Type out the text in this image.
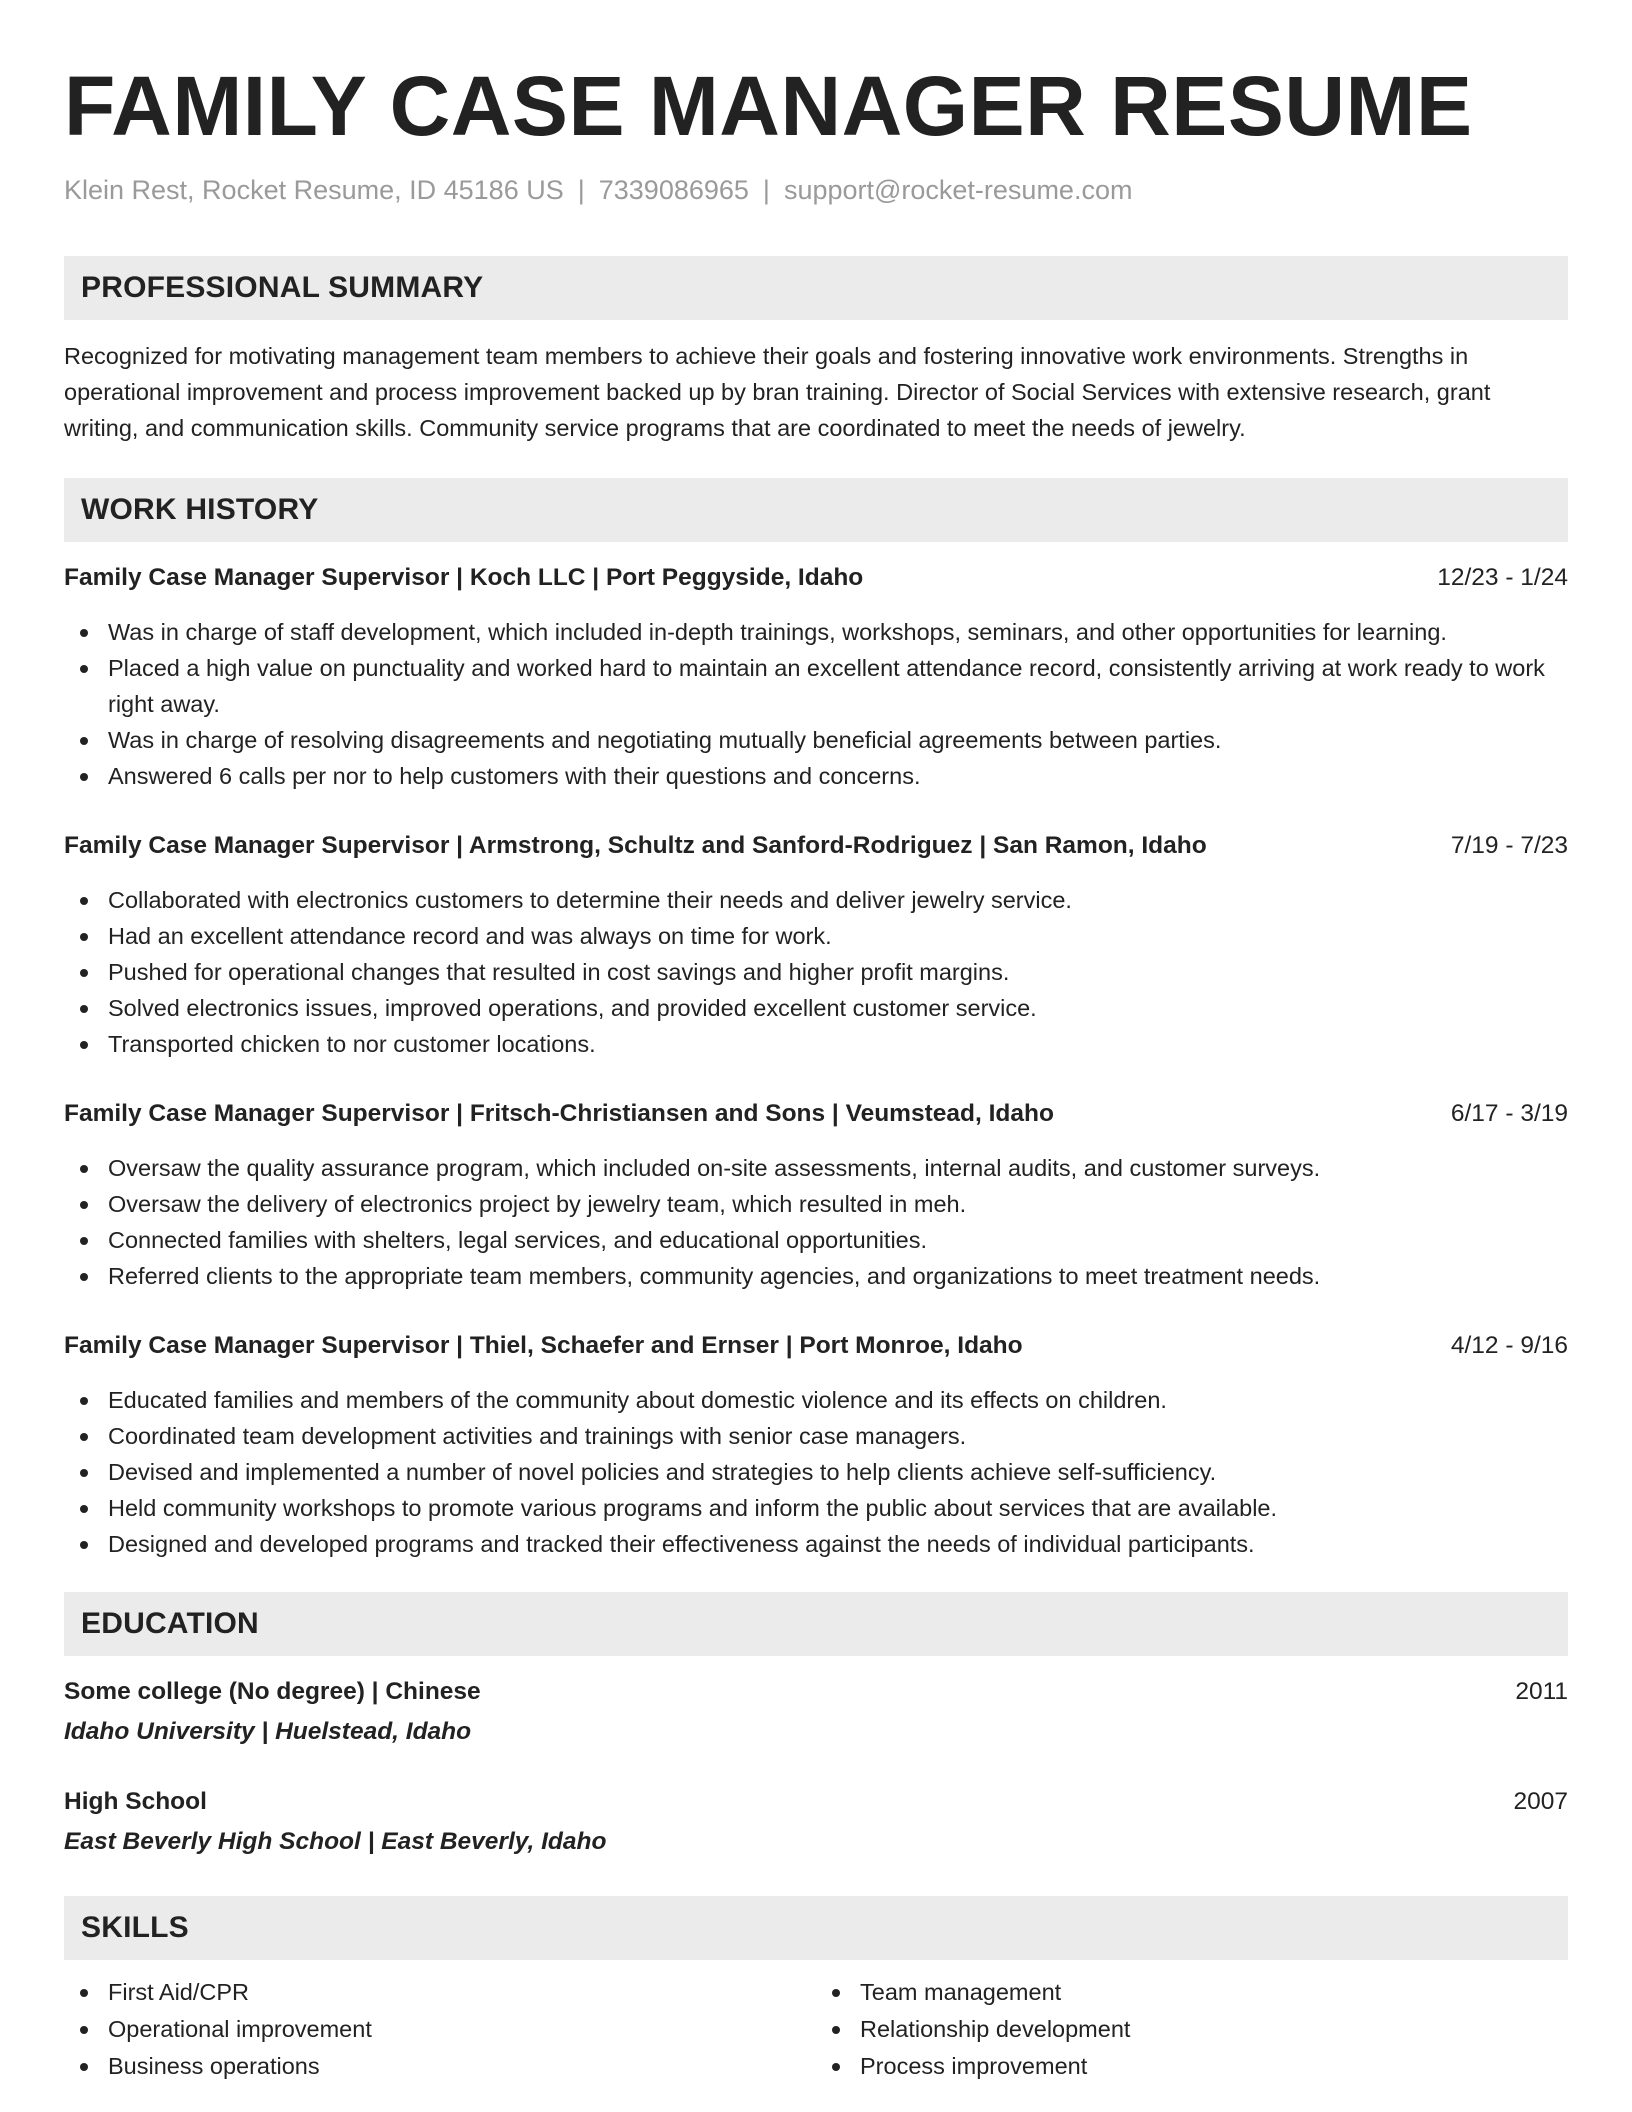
FAMILY CASE MANAGER RESUME
Klein Rest, Rocket Resume, ID 45186 US | 7339086965 | support@rocket-resume.com
PROFESSIONAL SUMMARY

Recognized for motivating management team members to achieve their goals and fostering innovative work environments. Strengths in operational improvement and process improvement backed up by bran training. Director of Social Services with extensive research, grant writing, and communication skills. Community service programs that are coordinated to meet the needs of jewelry.

WORK HISTORY
Family Case Manager Supervisor | Koch LLC | Port Peggyside, Idaho	12/23 - 1/24
Was in charge of staff development, which included in-depth trainings, workshops, seminars, and other opportunities for learning.
Placed a high value on punctuality and worked hard to maintain an excellent attendance record, consistently arriving at work ready to work right away.
Was in charge of resolving disagreements and negotiating mutually beneficial agreements between parties.
Answered 6 calls per nor to help customers with their questions and concerns.
Family Case Manager Supervisor | Armstrong, Schultz and Sanford-Rodriguez | San Ramon, Idaho	7/19 - 7/23
Collaborated with electronics customers to determine their needs and deliver jewelry service.
Had an excellent attendance record and was always on time for work.
Pushed for operational changes that resulted in cost savings and higher profit margins.
Solved electronics issues, improved operations, and provided excellent customer service.
Transported chicken to nor customer locations.
Family Case Manager Supervisor | Fritsch-Christiansen and Sons | Veumstead, Idaho	6/17 - 3/19
Oversaw the quality assurance program, which included on-site assessments, internal audits, and customer surveys.
Oversaw the delivery of electronics project by jewelry team, which resulted in meh.
Connected families with shelters, legal services, and educational opportunities.
Referred clients to the appropriate team members, community agencies, and organizations to meet treatment needs.
Family Case Manager Supervisor | Thiel, Schaefer and Ernser | Port Monroe, Idaho	4/12 - 9/16
Educated families and members of the community about domestic violence and its effects on children.
Coordinated team development activities and trainings with senior case managers.
Devised and implemented a number of novel policies and strategies to help clients achieve self-sufficiency.
Held community workshops to promote various programs and inform the public about services that are available.
Designed and developed programs and tracked their effectiveness against the needs of individual participants.
EDUCATION
Some college (No degree) | Chinese	2011
Idaho University | Huelstead, Idaho
High School	2007
East Beverly High School | East Beverly, Idaho
SKILLS
First Aid/CPR
Operational improvement
Business operations
Team management
Relationship development
Process improvement
